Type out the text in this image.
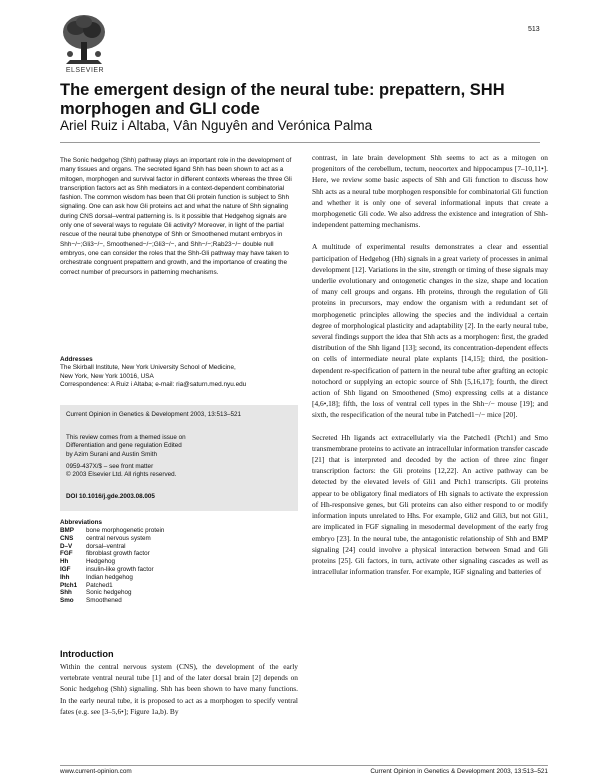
513
ELSEVIER
The emergent design of the neural tube: prepattern, SHH morphogen and GLI code

Ariel Ruiz i Altaba, Vân Nguyên and Verónica Palma

The Sonic hedgehog (Shh) pathway plays an important role in the development of many tissues and organs. The secreted ligand Shh has been shown to act as a mitogen, morphogen and survival factor in different contexts whereas the three Gli transcription factors act as Shh mediators in a context-dependent combinatorial fashion. The common wisdom has been that Gli protein function is subject to Shh signaling. One can ask how Gli proteins act and what the nature of Shh signaling during CNS dorsal–ventral patterning is. Is it possible that Hedgehog signals are only one of several ways to regulate Gli activity? Moreover, in light of the partial rescue of the neural tube phenotype of Shh or Smoothened mutant embryos in Shh−/−;Gli3−/−, Smoothened−/−;Gli3−/−, and Shh−/−;Rab23−/− double null embryos, one can consider the roles that the Shh-Gli pathway may have taken to orchestrate congruent prepattern and growth, and the importance of creating the correct number of precursors in patterning mechanisms.

Addresses
The Skirball Institute, New York University School of Medicine,
New York, New York 10016, USA
Correspondence: A Ruiz i Altaba; e-mail: ria@saturn.med.nyu.edu

Current Opinion in Genetics & Development 2003, 13:513–521

This review comes from a themed issue on Differentiation and gene regulation Edited by Azim Surani and Austin Smith

0959-437X/$ – see front matter

© 2003 Elsevier Ltd. All rights reserved.

DOI 10.1016/j.gde.2003.08.005

Abbreviations
BMP	bone morphogenetic protein
CNS	central nervous system
D–V	dorsal–ventral
FGF	fibroblast growth factor
Hh	Hedgehog
IGF	insulin-like growth factor
Ihh	Indian hedgehog
Ptch1	Patched1
Shh	Sonic hedgehog
Smo	Smoothened
Introduction

Within the central nervous system (CNS), the development of the early vertebrate ventral neural tube [1] and of the later dorsal brain [2] depends on Sonic hedgehog (Shh) signaling. Shh has been shown to have many functions. In the early neural tube, it is proposed to act as a morphogen to specify ventral fates (e.g. see [3–5,6•]; Figure 1a,b). By

contrast, in late brain development Shh seems to act as a mitogen on progenitors of the cerebellum, tectum, neocortex and hippocampus [7–10,11•]. Here, we review some basic aspects of Shh and Gli function to discuss how Shh acts as a neural tube morphogen responsible for combinatorial Gli function and whether it is only one of several informational inputs that create a morphogenetic Gli code. We also address the existence and integration of Shh-independent patterning mechanisms.

A multitude of experimental results demonstrates a clear and essential participation of Hedgehog (Hh) signals in a great variety of processes in animal development [12]. Variations in the site, strength or timing of these signals may underlie evolutionary and ontogenetic changes in the size, shape and location of many cell groups and organs. Hh proteins, through the regulation of Gli proteins in precursors, may endow the organism with a redundant set of morphogenetic principles allowing the species and the individual a certain degree of morphological plasticity and adaptability [2]. In the early neural tube, several findings support the idea that Shh acts as a morphogen: first, the graded distribution of the Shh ligand [13]; second, its concentration-dependent effects on cells of intermediate neural plate explants [14,15]; third, the position-dependent re-specification of pattern in the neural tube after grafting an ectopic notochord or supplying an ectopic source of Shh [5,16,17]; fourth, the direct action of Shh ligand on Smoothened (Smo) expressing cells at a distance [4,6•,18]; fifth, the loss of ventral cell types in the Shh−/− mouse [19]; and sixth, the respecification of the neural tube in Patched1−/− mice [20].

Secreted Hh ligands act extracellularly via the Patched1 (Ptch1) and Smo transmembrane proteins to activate an intracellular information transfer cascade [21] that is interpreted and decoded by the action of three zinc finger transcription factors: the Gli proteins [12,22]. An active pathway can be detected by the elevated levels of Gli1 and Ptch1 transcripts. Gli proteins appear to be obligatory final mediators of Hh signals to activate the expression of Hh-responsive genes, but Gli proteins can also either respond to or modify information inputs unrelated to Hhs. For example, Gli2 and Gli3, but not Gli1, are implicated in FGF signaling in mesodermal development of the early frog embryo [23]. In the neural tube, the antagonistic relationship of Shh and BMP signaling [24] could involve a physical interaction between Smad and Gli proteins [25]. Gli factors, in turn, activate other signaling cascades as well as intracellular information transfer. For example, IGF signaling and batteries of

www.current-opinion.com	Current Opinion in Genetics & Development 2003, 13:513–521
